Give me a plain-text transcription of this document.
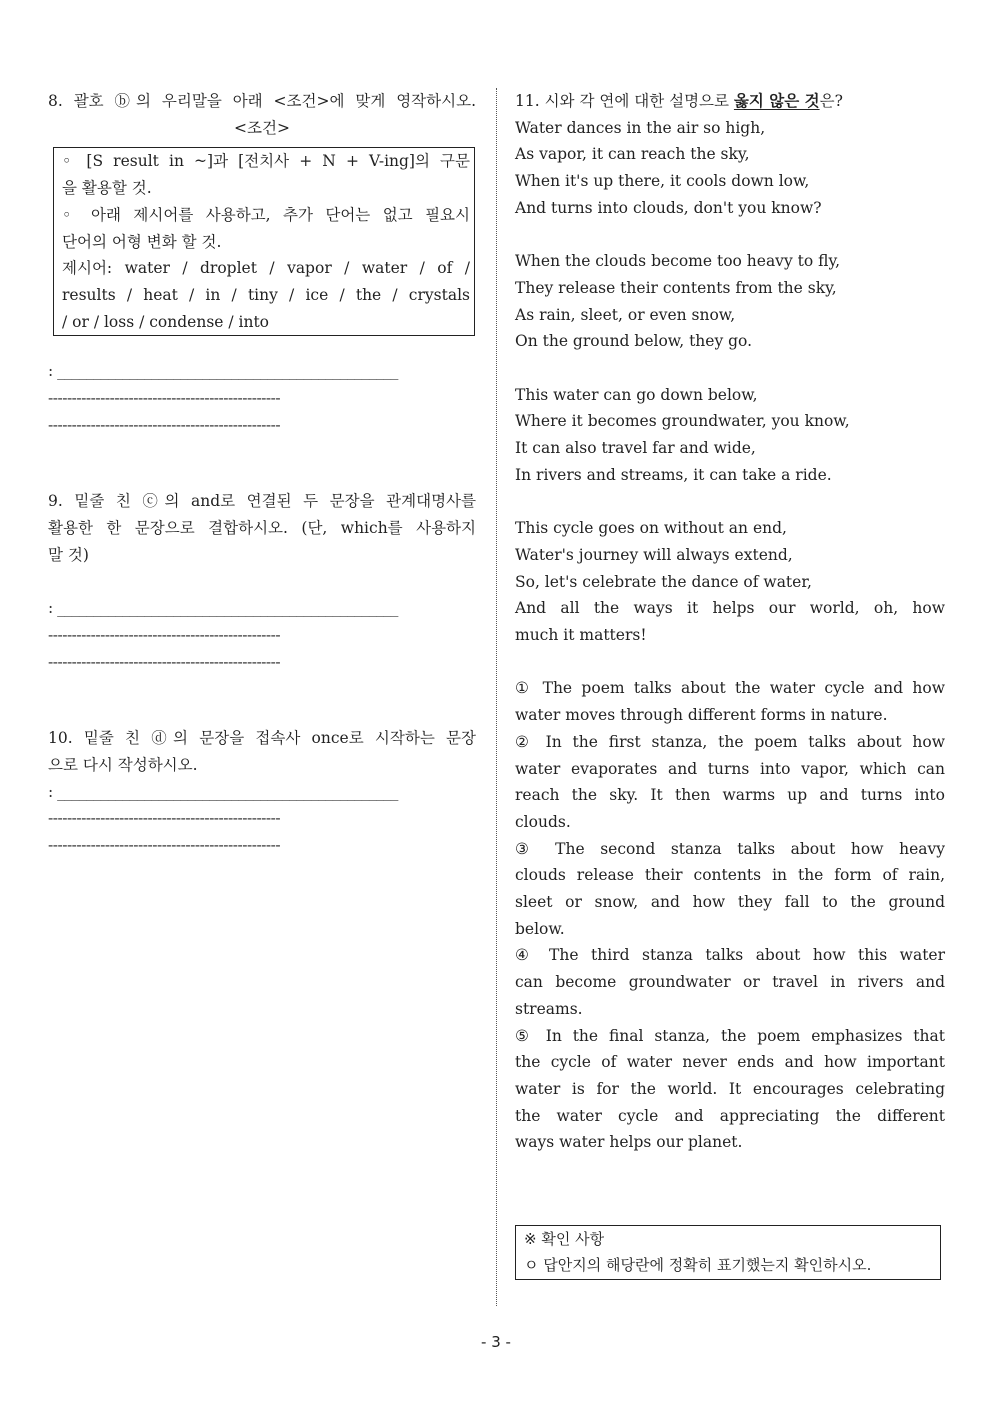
8. 괄호 ⓑ의 우리말을 아래 <조건>에 맞게 영작하시오.
<조건>
◦ [S result in ~]과 [전치사 + N + V-ing]의 구문
을 활용할 것.
◦ 아래 제시어를 사용하고, 추가 단어는 없고 필요시
단어의 어형 변화 할 것.
제시어: water / droplet / vapor / water / of /
results / heat / in / tiny / ice / the / crystals
/ or / loss / condense / into
: _______________________________________________
-------------------------------------------------
-------------------------------------------------
9. 밑줄 친 ⓒ의 and로 연결된 두 문장을 관계대명사를
활용한 한 문장으로 결합하시오. (단, which를 사용하지
말 것)
: _______________________________________________
-------------------------------------------------
-------------------------------------------------
10. 밑줄 친 ⓓ의 문장을 접속사 once로 시작하는 문장
으로 다시 작성하시오.
: _______________________________________________
-------------------------------------------------
-------------------------------------------------
11. 시와 각 연에 대한 설명으로 옳지 않은 것은?
Water dances in the air so high,
As vapor, it can reach the sky,
When it's up there, it cools down low,
And turns into clouds, don't you know?
When the clouds become too heavy to fly,
They release their contents from the sky,
As rain, sleet, or even snow,
On the ground below, they go.
This water can go down below,
Where it becomes groundwater, you know,
It can also travel far and wide,
In rivers and streams, it can take a ride.
This cycle goes on without an end,
Water's journey will always extend,
So, let's celebrate the dance of water,
And all the ways it helps our world, oh, how
much it matters!
① The poem talks about the water cycle and how
water moves through different forms in nature.
② In the first stanza, the poem talks about how
water evaporates and turns into vapor, which can
reach the sky. It then warms up and turns into
clouds.
③ The second stanza talks about how heavy
clouds release their contents in the form of rain,
sleet or snow, and how they fall to the ground
below.
④ The third stanza talks about how this water
can become groundwater or travel in rivers and
streams.
⑤ In the final stanza, the poem emphasizes that
the cycle of water never ends and how important
water is for the world. It encourages celebrating
the water cycle and appreciating the different
ways water helps our planet.
※ 확인 사항
ㅇ 답안지의 해당란에 정확히 표기했는지 확인하시오.
- 3 -
